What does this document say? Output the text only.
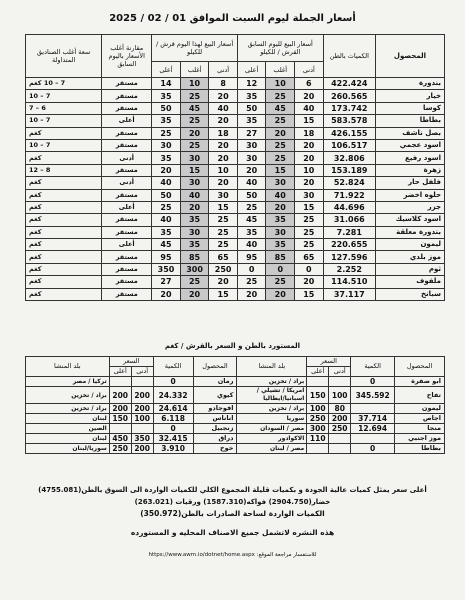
أسعار الجملة ليوم السبت الموافق 01 / 02 / 2025
المحصول	الكميات بالطن	أسعار البيع لليوم السابق القرش / للكيلو			أسعار البيع لهذا اليوم قرش / للكيلو			مقارنة أغلب الأسعار باليوم السابق	سعة أغلب الصناديق المتداولة
		أدنى	أغلب	أعلى	أدنى	أغلب	أعلى		
بندورة	422.424	6	10	12	8	10	14	مستقر	7 – 10 كغم
خيار	260.565	20	25	35	20	25	35	مستقر	7 – 10
كوسا	173.742	40	45	50	40	45	50	مستقر	6 – 7
بطاطا	583.578	15	25	35	20	25	35	أعلى	7 – 10
بصل ناشف	426.155	18	20	27	18	20	25	مستقر	كغم
اسود عجمي	106.517	20	25	30	20	25	30	مستقر	7 – 10
اسود رفيع	32.806	20	25	30	20	30	35	أدنى	كغم
زهرة	153.189	10	15	20	10	15	20	مستقر	8 – 12
فلفل حار	52.824	20	30	40	20	30	40	أدنى	كغم
حلوه اخضر	71.922	30	40	50	30	40	50	مستقر	كغم
جزر	44.696	15	20	25	15	20	25	أعلى	كغم
اسود كلاسيك	31.066	25	35	45	25	35	40	مستقر	كغم
بندورة معلقة	7.281	25	30	35	25	30	35	مستقر	كغم
ليمون	220.655	25	35	40	25	35	45	أعلى	كغم
موز بلدي	127.596	65	85	95	65	85	95	مستقر	كغم
ثوم	2.252	0	0	0	250	300	350	مستقر	كغم
ملفوف	114.510	20	25	25	20	25	27	مستقر	كغم
سبانخ	37.117	15	20	20	15	20	20	مستقر	كغم
المستورد بالطن و السعر بالقرش / كغم
المحصول	الكمية	السعر		بلد المنشا	المحصول	الكمية	السعر		بلد المنشا
		أدنى	أعلى				أدنى	أعلى	
ابو صفرة	0			براد / تخزين	رمان	0			تركيا / مصر
تفاح	345.592	100	150	امريكا / تشيلي / اسبانيا/ايطاليا	كيوي	24.332	200	200	براد / تخزين
ليمون		80	100	براد / تخزين	افوجادو	24.614	200	200	براد / تخزين
اجاص	37.714	200	250	سوريا	اناناس	6.118	100	150	لبنان
منجا	12.694	250	300	مصر / السودان	زنجبيل	0			الصين
موز اجنبي			110	الاكوادور	دراق	32.415	350	450	لبنان
بطاطا	0			مصر / لبنان	خوخ	3.910	200	250	سوريا/لبنان
أعلى سعر يمثل كميات عالية الجودة و بكميات قليلة المجموع الكلي للكميات الواردة الى السوق بالطن(4755.081)
خضار(2904.750) فواكه(1587.310) ورقيات (263.021)
الكميات الواردة لساحة الصادرات بالطن(350.972)
هذه النشره لاتشمل جميع الاصناف المحليه و المستورده
للاستفسار مراجعة الموقع: https://www.awm.io/dotnet/home.aspx
